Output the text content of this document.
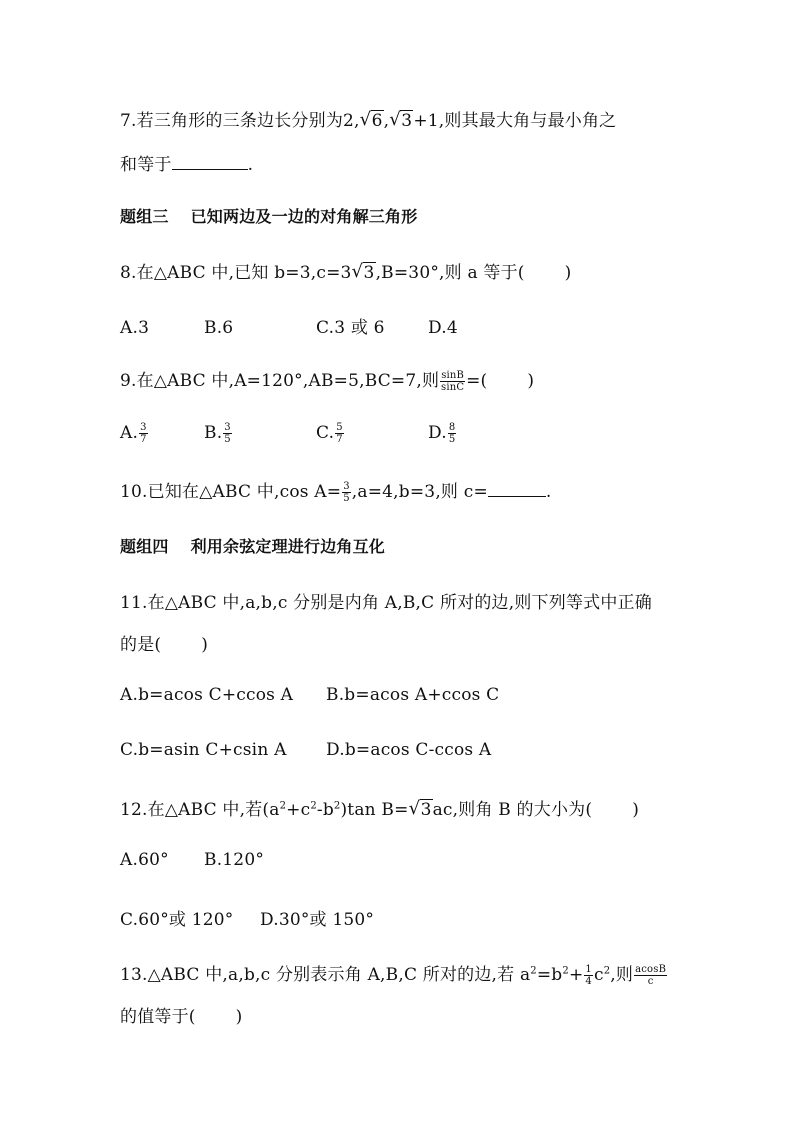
7.若三角形的三条边长分别为2, √ 6, √ 3+1,则其最大角与最小角之
和等于	.
题组三 已知两边及一边的对角解三角形
8.在△ABC 中,已知 b=3,c=3 √ 3,B=30°,则 a 等于( )
A.3	B.6	C.3 或 6	D.4
9.在△ABC 中,A=120°,AB=5,BC=7,则 $\frac{\sin B}{\sin C}$ =( )
A. $\frac{3}{7}$	B. $\frac{3}{5}$	C. $\frac{5}{7}$	D. $\frac{8}{5}$
10.已知在△ABC 中,cos $A= \frac{3}{5} ,a=4,b=3$,则 c=	.
题组四 利用余弦定理进行边角互化
11.在△ABC 中,a,b,c 分别是内角 A,B,C 所对的边,则下列等式中正确
的是( )
A.b=acos C+ccos A B.b=acos A+ccos C
C.b=asin C+csin A D.b=acos C-ccos A
12.在△ABC 中,若$(a^2+c^2-b^2)\tan$ B= √ 3ac,则角 B 的大小为( )
A.60° B.120°
C.60°或 120° D.30°或 150°
13.△ABC 中,a,b,c 分别表示角 A,B,C 所对的边,若 $a^2=b^2+ \frac{1}{4} c^2$,则 $\frac{acosB}{c}$
的值等于( )
